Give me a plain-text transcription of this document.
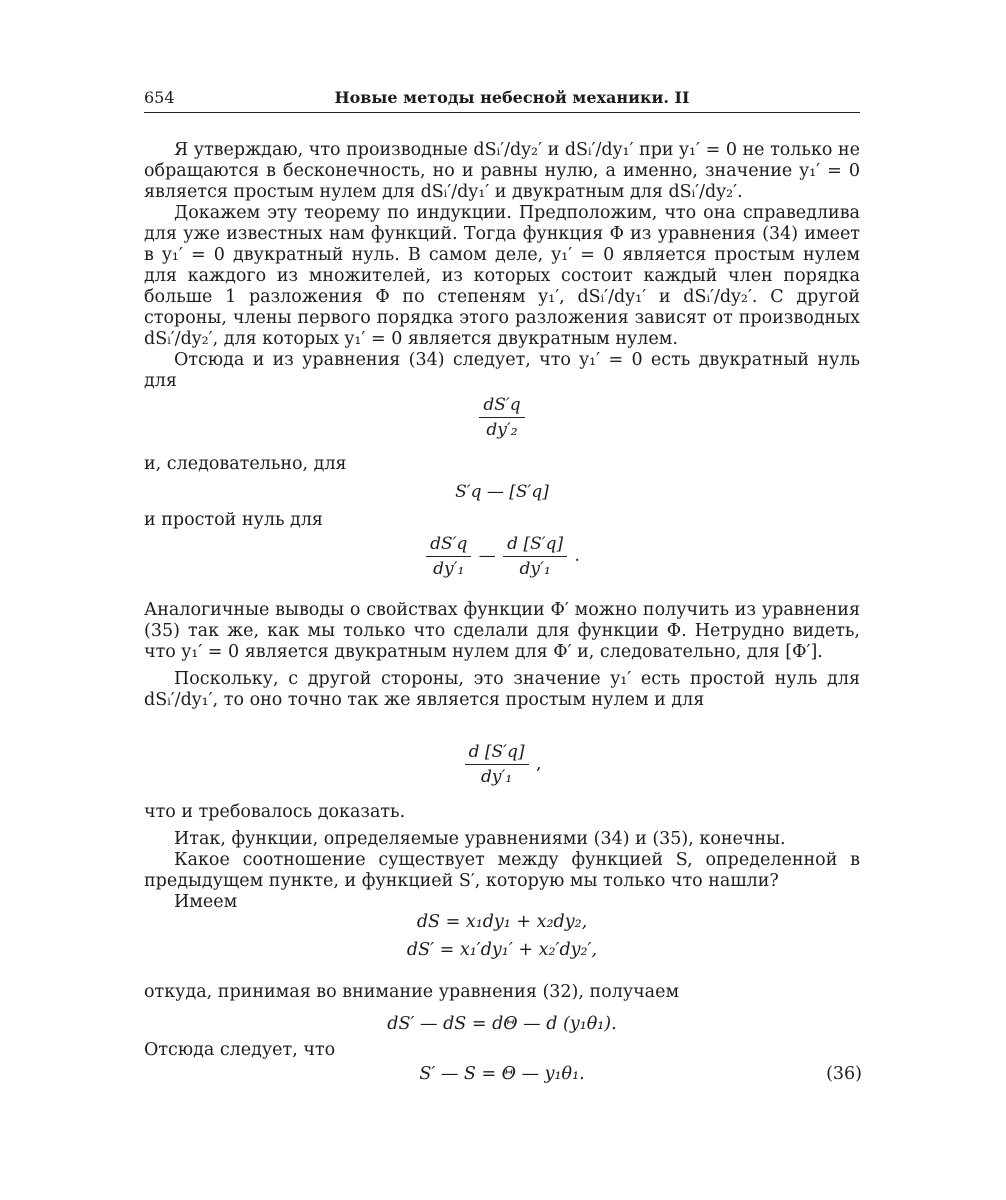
654	Новые методы небесной механики. II

Я утверждаю, что производные dSᵢ′/dy₂′ и dSᵢ′/dy₁′ при y₁′ = 0 не только не обращаются в бесконечность, но и равны нулю, а именно, значение y₁′ = 0 является простым нулем для dSᵢ′/dy₁′ и двукратным для dSᵢ′/dy₂′.

Докажем эту теорему по индукции. Предположим, что она справедлива для уже известных нам функций. Тогда функция Φ из уравнения (34) имеет в y₁′ = 0 двукратный нуль. В самом деле, y₁′ = 0 является простым нулем для каждого из множителей, из которых состоит каждый член порядка больше 1 разложения Φ по степеням y₁′, dSᵢ′/dy₁′ и dSᵢ′/dy₂′. С другой стороны, члены первого порядка этого разложения зависят от производных dSᵢ′/dy₂′, для которых y₁′ = 0 является двукратным нулем.

Отсюда и из уравнения (34) следует, что y₁′ = 0 есть двукратный нуль для

$\frac{dS'q}{\text{dy′₂}}$

и, следовательно, для

S′q — [S′q]

и простой нуль для

$\frac{dS'q}{\text{dy′₁}}$ — $\frac{d [S'q]}{\text{dy′₁}}$ .

Аналогичные выводы о свойствах функции Φ′ можно получить из уравнения (35) так же, как мы только что сделали для функции Φ. Нетрудно видеть, что y₁′ = 0 является двукратным нулем для Φ′ и, следовательно, для [Φ′].

Поскольку, с другой стороны, это значение y₁′ есть простой нуль для dSᵢ′/dy₁′, то оно точно так же является простым нулем и для

$\frac{d [S'q]}{\text{dy′₁}}$ ,

что и требовалось доказать.

Итак, функции, определяемые уравнениями (34) и (35), конечны.

Какое соотношение существует между функцией S, определенной в предыдущем пункте, и функцией S′, которую мы только что нашли?

Имеем

dS = x₁dy₁ + x₂dy₂,
dS′ = x₁′dy₁′ + x₂′dy₂′,

откуда, принимая во внимание уравнения (32), получаем

dS′ — dS = dΘ — d (y₁θ₁).

Отсюда следует, что

S′ — S = Θ — y₁θ₁.	(36)
